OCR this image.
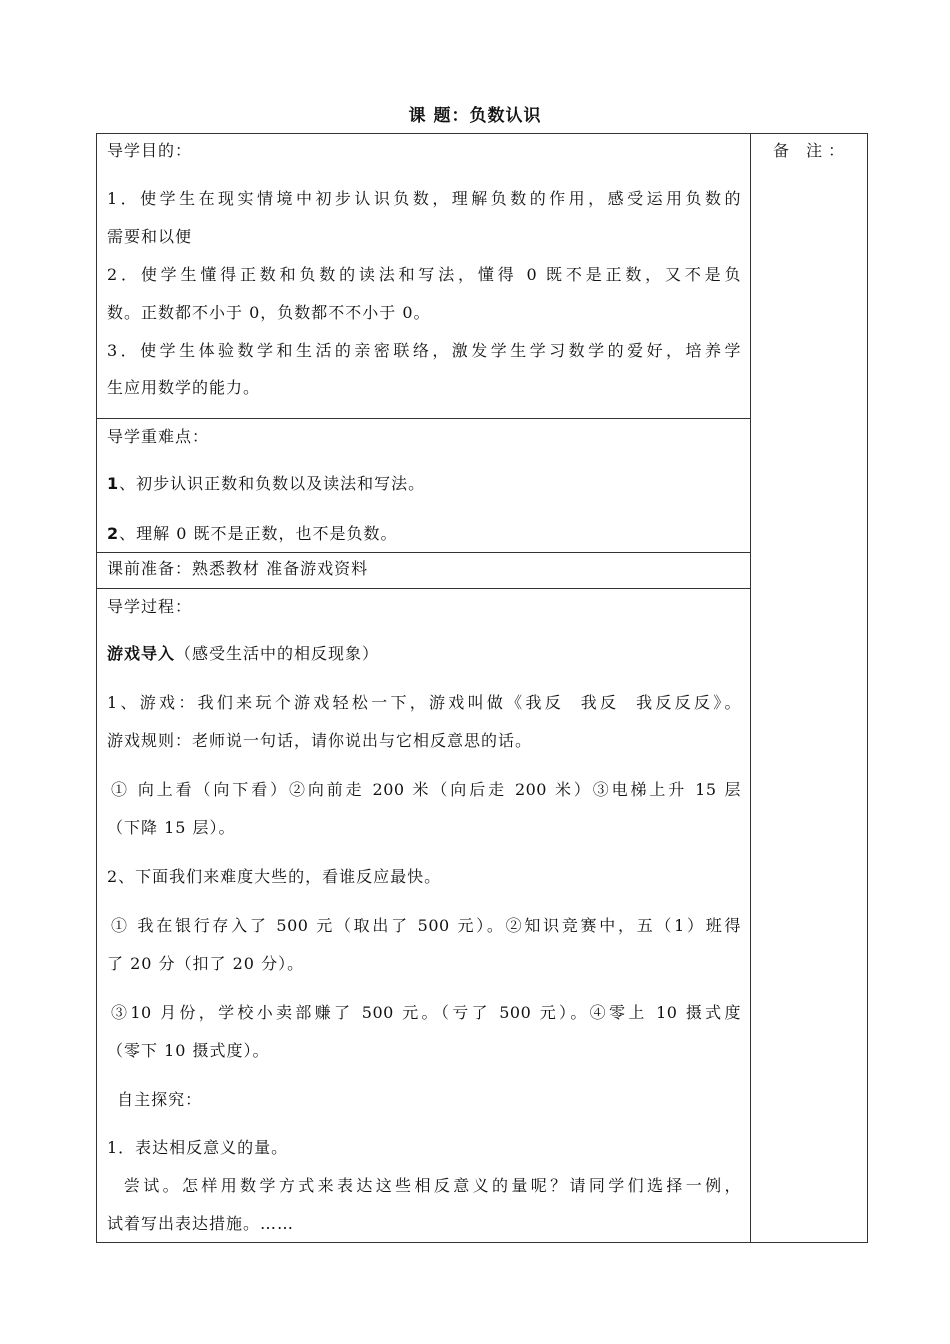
课 题：负数认识
备 注：
导学目的：
1．使学生在现实情境中初步认识负数，理解负数的作用，感受运用负数的
需要和以便
2．使学生懂得正数和负数的读法和写法，懂得 0 既不是正数，又不是负
数。正数都不小于 0，负数都不不小于 0。
3．使学生体验数学和生活的亲密联络，激发学生学习数学的爱好，培养学
生应用数学的能力。
导学重难点：
1、初步认识正数和负数以及读法和写法。
2、理解 0 既不是正数，也不是负数。
课前准备：熟悉教材 准备游戏资料
导学过程：
游戏导入（感受生活中的相反现象）
1、游戏：我们来玩个游戏轻松一下，游戏叫做《我反  我反  我反反反》。
游戏规则：老师说一句话，请你说出与它相反意思的话。
① 向上看（向下看）②向前走 200 米（向后走 200 米）③电梯上升 15 层
（下降 15 层）。
2、下面我们来难度大些的，看谁反应最快。
① 我在银行存入了 500 元（取出了 500 元）。②知识竞赛中，五（1）班得
了 20 分（扣了 20 分）。
③10 月份，学校小卖部赚了 500 元。（亏了 500 元）。④零上 10 摄式度
（零下 10 摄式度）。
自主探究：
1．表达相反意义的量。
尝试。怎样用数学方式来表达这些相反意义的量呢？请同学们选择一例，
试着写出表达措施。……
